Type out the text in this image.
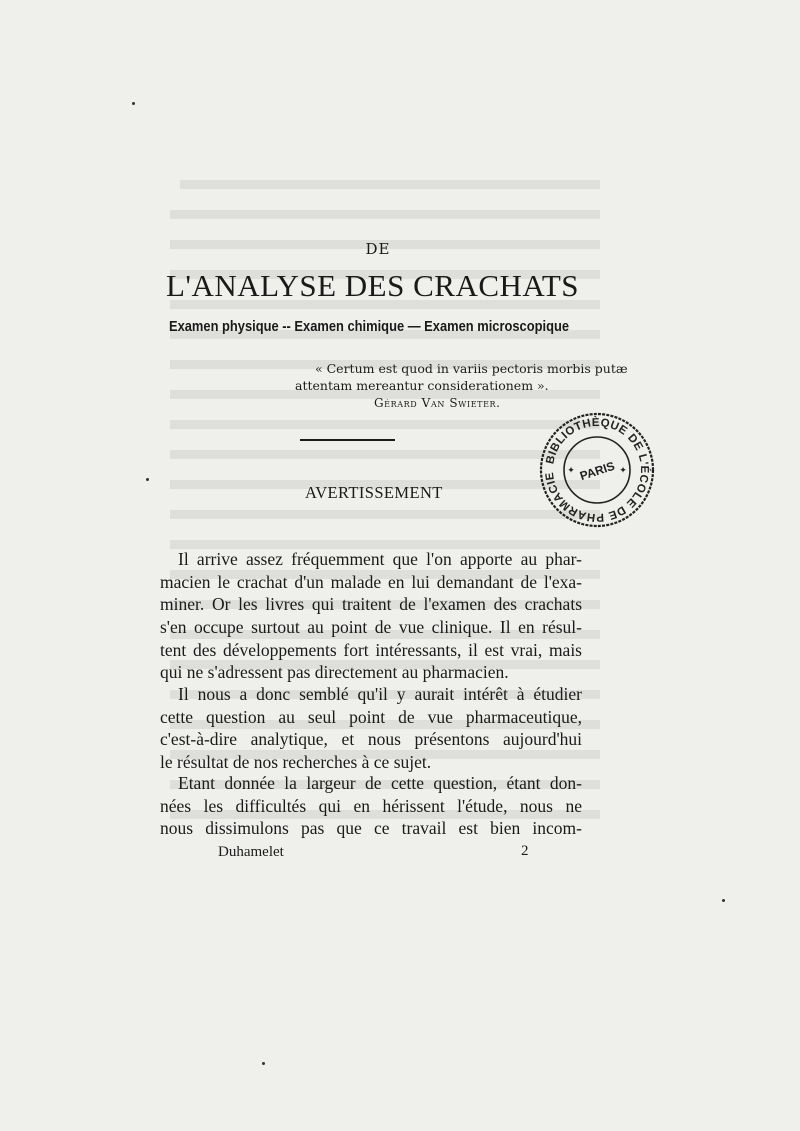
DE
L'ANALYSE DES CRACHATS
Examen physique -- Examen chimique — Examen microscopique
« Certum est quod in variis pectoris morbis putæ
attentam mereantur considerationem ».
Gérard Van Swieter.
AVERTISSEMENT
Il arrive assez fréquemment que l'on apporte au phar-
macien le crachat d'un malade en lui demandant de l'exa-
miner. Or les livres qui traitent de l'examen des crachats
s'en occupe surtout au point de vue clinique. Il en résul-
tent des développements fort intéressants, il est vrai, mais
qui ne s'adressent pas directement au pharmacien.
Il nous a donc semblé qu'il y aurait intérêt à étudier
cette question au seul point de vue pharmaceutique,
c'est-à-dire analytique, et nous présentons aujourd'hui
le résultat de nos recherches à ce sujet.
Etant donnée la largeur de cette question, étant don-
nées les difficultés qui en hérissent l'étude, nous ne
nous dissimulons pas que ce travail est bien incom-
Duhamelet	2
BIBLIOTHÈQUE DE L'ÉCOLE DE PHARMACIE	PARIS
✦	✦
